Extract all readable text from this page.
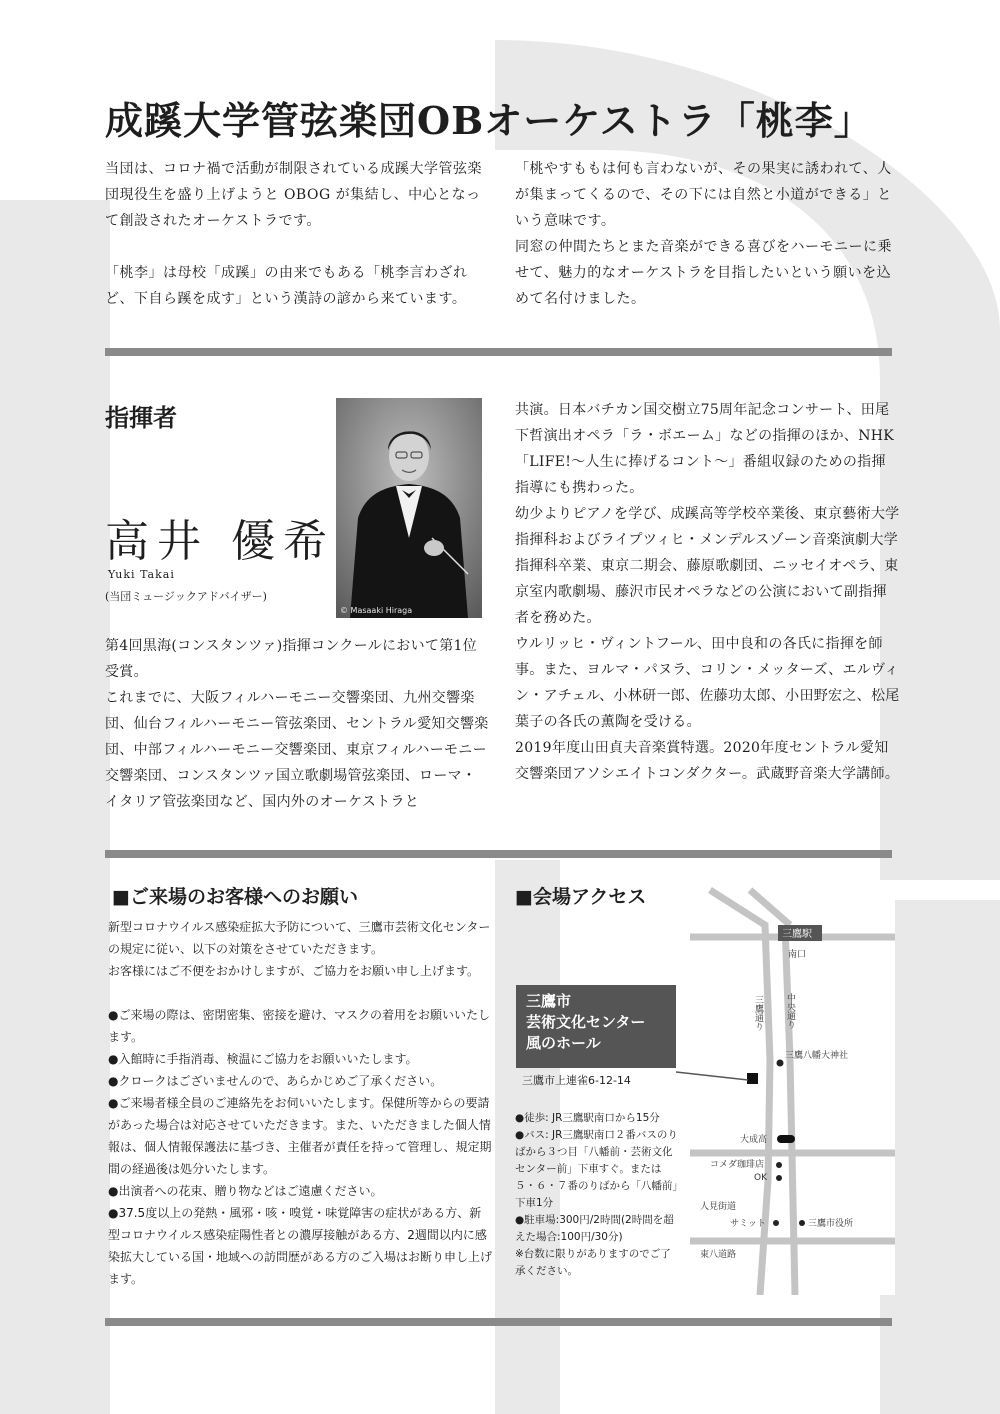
成蹊大学管弦楽団OBオーケストラ「桃李」

当団は、コロナ禍で活動が制限されている成蹊大学管弦楽団現役生を盛り上げようと OBOG が集結し、中心となって創設されたオーケストラです。

「桃李」は母校「成蹊」の由来でもある「桃李言わざれど、下自ら蹊を成す」という漢詩の諺から来ています。

「桃やすももは何も言わないが、その果実に誘われて、人が集まってくるので、その下には自然と小道ができる」という意味です。

同窓の仲間たちとまた音楽ができる喜びをハーモニーに乗せて、魅力的なオーケストラを目指したいという願いを込めて名付けました。

指揮者
高井 優希
Yuki Takai
(当団ミュージックアドバイザー)
© Masaaki Hiraga

第4回黒海(コンスタンツァ)指揮コンクールにおいて第1位受賞。

これまでに、大阪フィルハーモニー交響楽団、九州交響楽団、仙台フィルハーモニー管弦楽団、セントラル愛知交響楽団、中部フィルハーモニー交響楽団、東京フィルハーモニー交響楽団、コンスタンツァ国立歌劇場管弦楽団、ローマ・イタリア管弦楽団など、国内外のオーケストラと

共演。日本バチカン国交樹立75周年記念コンサート、田尾下哲演出オペラ「ラ・ボエーム」などの指揮のほか、NHK「LIFE!～人生に捧げるコント～」番組収録のための指揮指導にも携わった。

幼少よりピアノを学び、成蹊高等学校卒業後、東京藝術大学指揮科およびライプツィヒ・メンデルスゾーン音楽演劇大学指揮科卒業、東京二期会、藤原歌劇団、ニッセイオペラ、東京室内歌劇場、藤沢市民オペラなどの公演において副指揮者を務めた。

ウルリッヒ・ヴィントフール、田中良和の各氏に指揮を師事。また、ヨルマ・パヌラ、コリン・メッターズ、エルヴィン・アチェル、小林研一郎、佐藤功太郎、小田野宏之、松尾葉子の各氏の薫陶を受ける。

2019年度山田貞夫音楽賞特選。2020年度セントラル愛知交響楽団アソシエイトコンダクター。武蔵野音楽大学講師。

■ご来場のお客様へのお願い

新型コロナウイルス感染症拡大予防について、三鷹市芸術文化センターの規定に従い、以下の対策をさせていただきます。

お客様にはご不便をおかけしますが、ご協力をお願い申し上げます。

●ご来場の際は、密閉密集、密接を避け、マスクの着用をお願いいたします。

●入館時に手指消毒、検温にご協力をお願いいたします。

●クロークはございませんので、あらかじめご了承ください。

●ご来場者様全員のご連絡先をお伺いいたします。保健所等からの要請があった場合は対応させていただきます。また、いただきました個人情報は、個人情報保護法に基づき、主催者が責任を持って管理し、規定期間の経過後は処分いたします。

●出演者への花束、贈り物などはご遠慮ください。

●37.5度以上の発熱・風邪・咳・嗅覚・味覚障害の症状がある方、新型コロナウイルス感染症陽性者との濃厚接触がある方、2週間以内に感染拡大している国・地域への訪問歴がある方のご入場はお断り申し上げます。

■会場アクセス
三鷹市
芸術文化センター
風のホール
三鷹市上連雀6-12-14

●徒歩: JR三鷹駅南口から15分

●バス: JR三鷹駅南口２番バスのりばから３つ目「八幡前・芸術文化センター前」下車すぐ。または５・６・７番のりばから「八幡前」下車1分

●駐車場:300円/2時間(2時間を超えた場合:100円/30分)

※台数に限りがありますのでご了承ください。

三鷹駅
南口
三鷹通り 中央通り
三鷹八幡大神社
大成高
コメダ珈琲店
OK
人見街道
サミット	三鷹市役所
東八道路
